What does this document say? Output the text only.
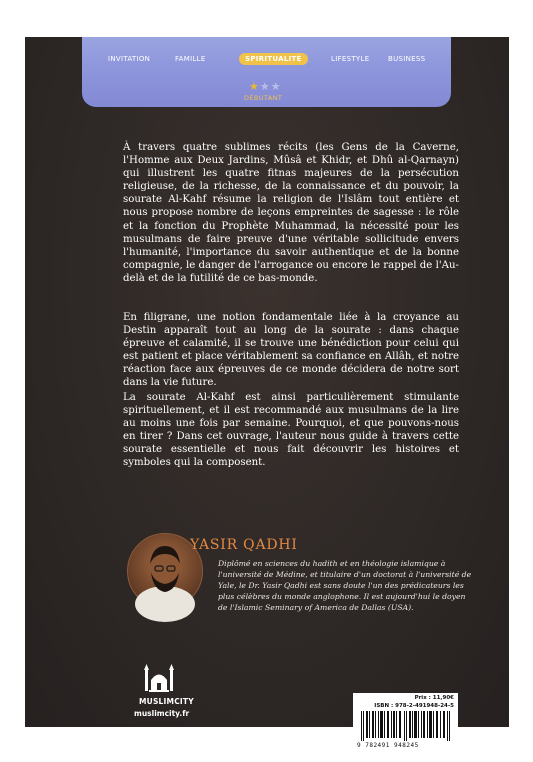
INVITATION	FAMILLE	SPIRITUALITÉ	LIFESTYLE	BUSINESS
★★★
DÉBUTANT

À travers quatre sublimes récits (les Gens de la Caverne, l'Homme aux Deux Jardins, Mûsâ et Khidr, et Dhû al-Qarnayn) qui illustrent les quatre fitnas majeures de la persécution religieuse, de la richesse, de la connaissance et du pouvoir, la sourate Al-Kahf résume la religion de l'Islâm tout entière et nous propose nombre de leçons empreintes de sagesse : le rôle et la fonction du Prophète Muhammad, la nécessité pour les musulmans de faire preuve d'une véritable sollicitude envers l'humanité, l'importance du savoir authentique et de la bonne compagnie, le danger de l'arrogance ou encore le rappel de l'Au-delà et de la futilité de ce bas-monde.

En filigrane, une notion fondamentale liée à la croyance au Destin apparaît tout au long de la sourate : dans chaque épreuve et calamité, il se trouve une bénédiction pour celui qui est patient et place véritablement sa confiance en Allâh, et notre réaction face aux épreuves de ce monde décidera de notre sort dans la vie future.

La sourate Al-Kahf est ainsi particulièrement stimulante spirituellement, et il est recommandé aux musulmans de la lire au moins une fois par semaine. Pourquoi, et que pouvons-nous en tirer ? Dans cet ouvrage, l'auteur nous guide à travers cette sourate essentielle et nous fait découvrir les histoires et symboles qui la composent.

YASIR QADHI

Diplômé en sciences du hadith et en théologie islamique à l'université de Médine, et titulaire d'un doctorat à l'université de Yale, le Dr. Yasir Qadhi est sans doute l'un des prédicateurs les plus célèbres du monde anglophone. Il est aujourd'hui le doyen de l'Islamic Seminary of America de Dallas (USA).

MUSLIMCITY
muslimcity.fr
Prix : 11,90€
ISBN : 978-2-491948-24-5
9 782491 948245
